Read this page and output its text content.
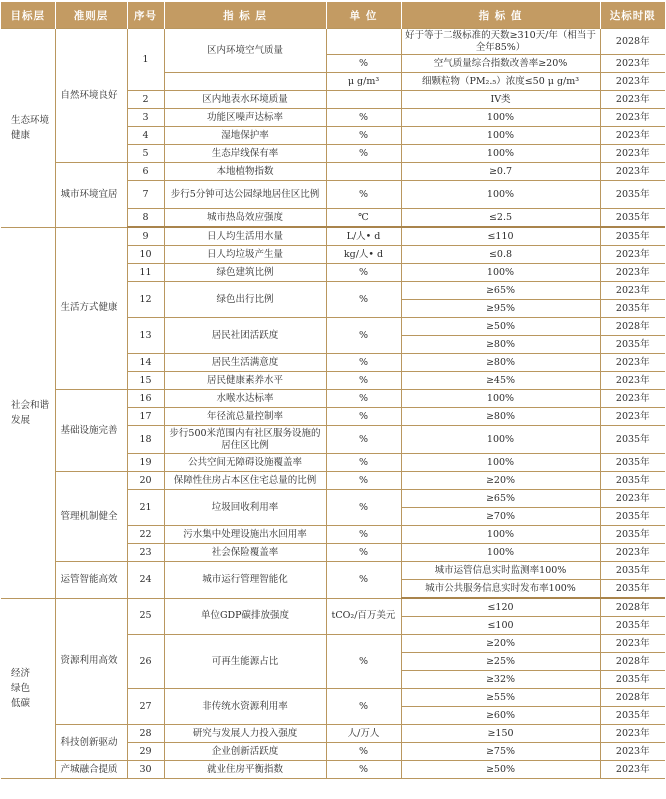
目标层	准则层	序号	指 标 层	单 位	指 标 值	达标时限
生态环境
健康	自然环境良好	1	区内环境空气质量		好于等于二级标准的天数≥310天/年（相当于全年85%）	2028年
				%	空气质量综合指数改善率≥20%	2023年
				μ g/m³	细颗粒物（PM₂.₅）浓度≤50 μ g/m³	2023年
		2	区内地表水环境质量		IV类	2023年
		3	功能区噪声达标率	%	100%	2023年
		4	湿地保护率	%	100%	2023年
		5	生态岸线保有率	%	100%	2023年
	城市环境宜居	6	本地植物指数		≥0.7	2023年
		7	步行5分钟可达公园绿地居住区比例	%	100%	2035年
		8	城市热岛效应强度	℃	≤2.5	2035年
社会和谐
发展	生活方式健康	9	日人均生活用水量	L/人• d	≤110	2035年
		10	日人均垃圾产生量	kg/人• d	≤0.8	2023年
		11	绿色建筑比例	%	100%	2023年
		12	绿色出行比例	%	≥65%	2023年
					≥95%	2035年
		13	居民社团活跃度	%	≥50%	2028年
					≥80%	2035年
		14	居民生活满意度	%	≥80%	2023年
		15	居民健康素养水平	%	≥45%	2023年
	基础设施完善	16	水喉水达标率	%	100%	2023年
		17	年径流总量控制率	%	≥80%	2023年
		18	步行500米范围内有社区服务设施的居住区比例	%	100%	2035年
		19	公共空间无障碍设施覆盖率	%	100%	2035年
	管理机制健全	20	保障性住房占本区住宅总量的比例	%	≥20%	2035年
		21	垃圾回收利用率	%	≥65%	2023年
					≥70%	2035年
		22	污水集中处理设施出水回用率	%	100%	2035年
		23	社会保险覆盖率	%	100%	2023年
	运管智能高效	24	城市运行管理智能化	%	城市运管信息实时监测率100%	2035年
					城市公共服务信息实时发布率100%	2035年
经济
绿色
低碳	资源利用高效	25	单位GDP碳排放强度	tCO₂/百万美元	≤120	2028年
					≤100	2035年
		26	可再生能源占比	%	≥20%	2023年
					≥25%	2028年
					≥32%	2035年
		27	非传统水资源利用率	%	≥55%	2028年
					≥60%	2035年
	科技创新驱动	28	研究与发展人力投入强度	人/万人	≥150	2023年
		29	企业创新活跃度	%	≥75%	2023年
	产城融合提质	30	就业住房平衡指数	%	≥50%	2023年
